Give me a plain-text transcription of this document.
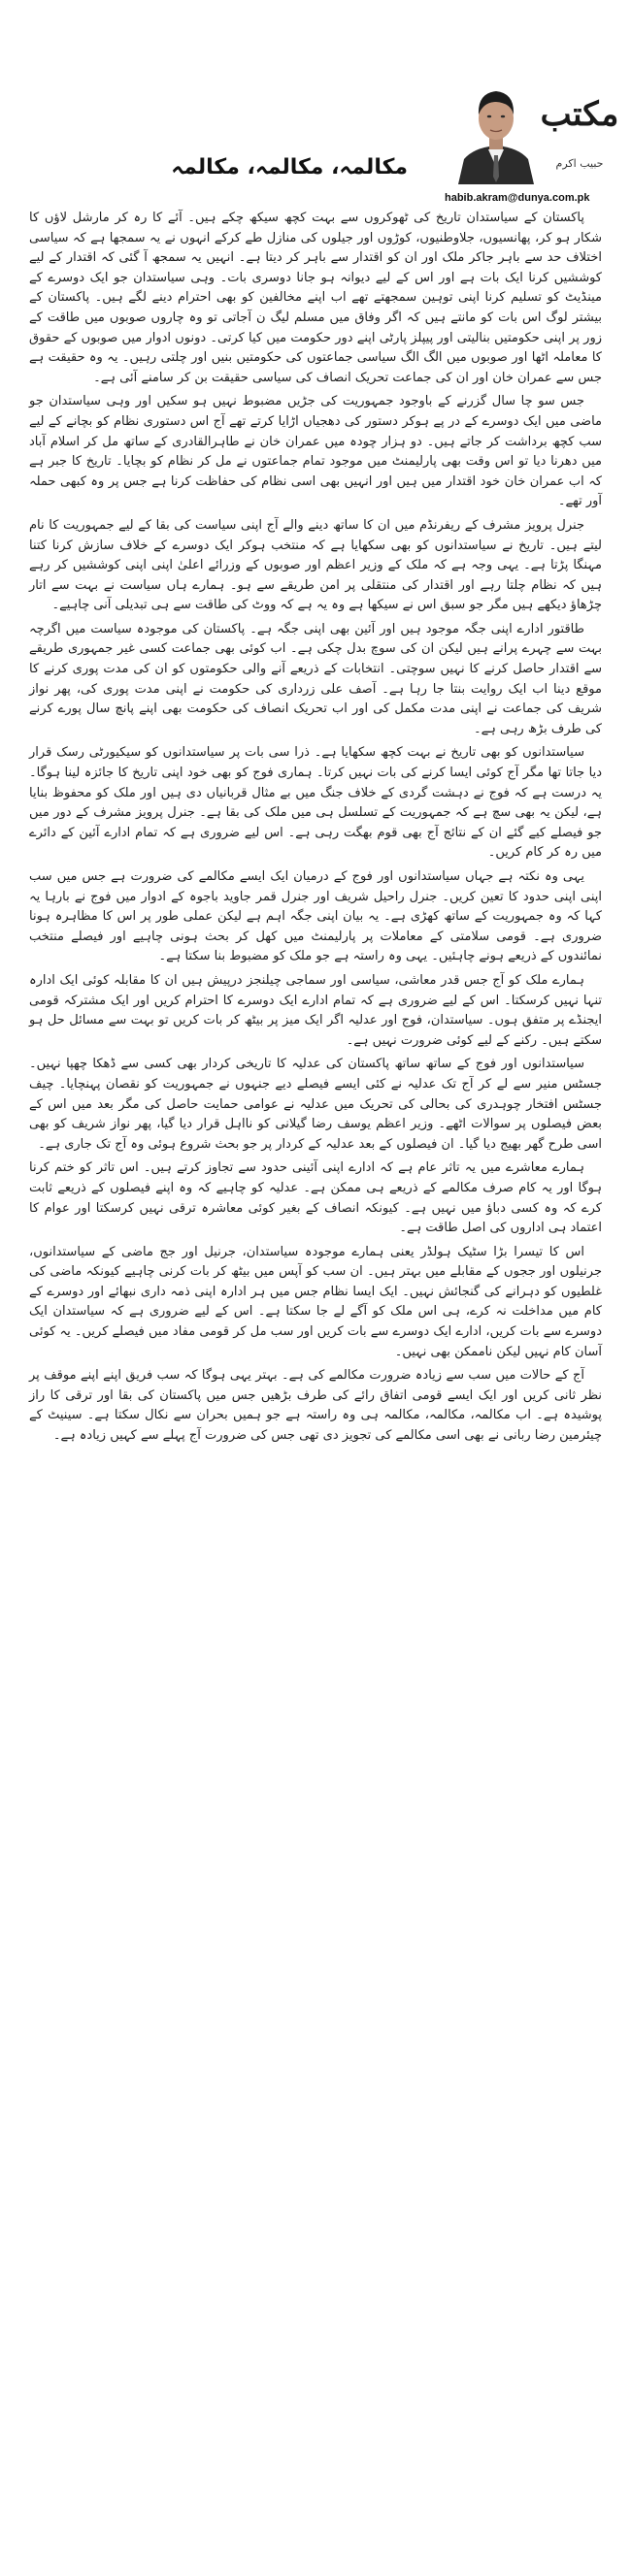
مکالمہ، مکالمہ، مکالمہ
مکتب
حبیب اکرم
habib.akram@dunya.com.pk

پاکستان کے سیاستدان تاریخ کی ٹھوکروں سے بہت کچھ سیکھ چکے ہیں۔ آئے کا رہ کر مارشل لاؤں کا شکار ہو کر، پھانسیوں، جلاوطنیوں، کوڑوں اور جیلوں کی منازل طے کرکے انہوں نے یہ سمجھا ہے کہ سیاسی اختلاف حد سے باہر جاکر ملک اور ان کو اقتدار سے باہر کر دیتا ہے۔ انہیں یہ سمجھ آ گئی کہ اقتدار کے لیے کوششیں کرنا ایک بات ہے اور اس کے لیے دیوانہ ہو جانا دوسری بات۔ وہی سیاستدان جو ایک دوسرے کے مینڈیٹ کو تسلیم کرنا اپنی توہین سمجھتے تھے اب اپنے مخالفین کو بھی احترام دینے لگے ہیں۔ پاکستان کے بیشتر لوگ اس بات کو مانتے ہیں کہ اگر وفاق میں مسلم لیگ ن آجاتی تو وہ چاروں صوبوں میں طاقت کے زور پر اپنی حکومتیں بنالیتی اور پیپلز پارٹی اپنے دور حکومت میں کیا کرتی۔ دونوں ادوار میں صوبوں کے حقوق کا معاملہ اٹھا اور صوبوں میں الگ الگ سیاسی جماعتوں کی حکومتیں بنیں اور چلتی رہیں۔ یہ وہ حقیقت ہے جس سے عمران خان اور ان کی جماعت تحریک انصاف کی سیاسی حقیقت بن کر سامنے آئی ہے۔

جس سو چا سال گزرنے کے باوجود جمہوریت کی جڑیں مضبوط نہیں ہو سکیں اور وہی سیاستدان جو ماضی میں ایک دوسرے کے در پے ہوکر دستور کی دھجیاں اڑایا کرتے تھے آج اس دستوری نظام کو بچانے کے لیے سب کچھ برداشت کر جاتے ہیں۔ دو ہزار چودہ میں عمران خان نے طاہرالقادری کے ساتھ مل کر اسلام آباد میں دھرنا دیا تو اس وقت بھی پارلیمنٹ میں موجود تمام جماعتوں نے مل کر نظام کو بچایا۔ تاریخ کا جبر ہے کہ اب عمران خان خود اقتدار میں ہیں اور انہیں بھی اسی نظام کی حفاظت کرنا ہے جس پر وہ کبھی حملہ آور تھے۔

جنرل پرویز مشرف کے ریفرنڈم میں ان کا ساتھ دینے والے آج اپنی سیاست کی بقا کے لیے جمہوریت کا نام لیتے ہیں۔ تاریخ نے سیاستدانوں کو بھی سکھایا ہے کہ منتخب ہوکر ایک دوسرے کے خلاف سازش کرنا کتنا مہنگا پڑتا ہے۔ یہی وجہ ہے کہ ملک کے وزیر اعظم اور صوبوں کے وزرائے اعلیٰ اپنی اپنی کوششیں کر رہے ہیں کہ نظام چلتا رہے اور اقتدار کی منتقلی پر امن طریقے سے ہو۔ ہمارے ہاں سیاست نے بہت سے اتار چڑھاؤ دیکھے ہیں مگر جو سبق اس نے سیکھا ہے وہ یہ ہے کہ ووٹ کی طاقت سے ہی تبدیلی آنی چاہیے۔

طاقتور ادارے اپنی جگہ موجود ہیں اور آئین بھی اپنی جگہ ہے۔ پاکستان کی موجودہ سیاست میں اگرچہ بہت سے چہرے پرانے ہیں لیکن ان کی سوچ بدل چکی ہے۔ اب کوئی بھی جماعت کسی غیر جمہوری طریقے سے اقتدار حاصل کرنے کا نہیں سوچتی۔ انتخابات کے ذریعے آنے والی حکومتوں کو ان کی مدت پوری کرنے کا موقع دینا اب ایک روایت بنتا جا رہا ہے۔ آصف علی زرداری کی حکومت نے اپنی مدت پوری کی، پھر نواز شریف کی جماعت نے اپنی مدت مکمل کی اور اب تحریک انصاف کی حکومت بھی اپنے پانچ سال پورے کرنے کی طرف بڑھ رہی ہے۔

سیاستدانوں کو بھی تاریخ نے بہت کچھ سکھایا ہے۔ ذرا سی بات پر سیاستدانوں کو سیکیورٹی رسک قرار دیا جاتا تھا مگر آج کوئی ایسا کرنے کی بات نہیں کرتا۔ ہماری فوج کو بھی خود اپنی تاریخ کا جائزہ لینا ہوگا۔ یہ درست ہے کہ فوج نے دہشت گردی کے خلاف جنگ میں بے مثال قربانیاں دی ہیں اور ملک کو محفوظ بنایا ہے، لیکن یہ بھی سچ ہے کہ جمہوریت کے تسلسل ہی میں ملک کی بقا ہے۔ جنرل پرویز مشرف کے دور میں جو فیصلے کیے گئے ان کے نتائج آج بھی قوم بھگت رہی ہے۔ اس لیے ضروری ہے کہ تمام ادارے آئین کے دائرے میں رہ کر کام کریں۔

یہی وہ نکتہ ہے جہاں سیاستدانوں اور فوج کے درمیان ایک ایسے مکالمے کی ضرورت ہے جس میں سب اپنی اپنی حدود کا تعین کریں۔ جنرل راحیل شریف اور جنرل قمر جاوید باجوہ کے ادوار میں فوج نے بارہا یہ کہا کہ وہ جمہوریت کے ساتھ کھڑی ہے۔ یہ بیان اپنی جگہ اہم ہے لیکن عملی طور پر اس کا مظاہرہ ہونا ضروری ہے۔ قومی سلامتی کے معاملات پر پارلیمنٹ میں کھل کر بحث ہونی چاہیے اور فیصلے منتخب نمائندوں کے ذریعے ہونے چاہئیں۔ یہی وہ راستہ ہے جو ملک کو مضبوط بنا سکتا ہے۔

ہمارے ملک کو آج جس قدر معاشی، سیاسی اور سماجی چیلنجز درپیش ہیں ان کا مقابلہ کوئی ایک ادارہ تنہا نہیں کرسکتا۔ اس کے لیے ضروری ہے کہ تمام ادارے ایک دوسرے کا احترام کریں اور ایک مشترکہ قومی ایجنڈے پر متفق ہوں۔ سیاستدان، فوج اور عدلیہ اگر ایک میز پر بیٹھ کر بات کریں تو بہت سے مسائل حل ہو سکتے ہیں۔ رکنے کے لیے کوئی ضرورت نہیں ہے۔

سیاستدانوں اور فوج کے ساتھ ساتھ پاکستان کی عدلیہ کا تاریخی کردار بھی کسی سے ڈھکا چھپا نہیں۔ جسٹس منیر سے لے کر آج تک عدلیہ نے کئی ایسے فیصلے دیے جنہوں نے جمہوریت کو نقصان پہنچایا۔ چیف جسٹس افتخار چوہدری کی بحالی کی تحریک میں عدلیہ نے عوامی حمایت حاصل کی مگر بعد میں اس کے بعض فیصلوں پر سوالات اٹھے۔ وزیر اعظم یوسف رضا گیلانی کو نااہل قرار دیا گیا، پھر نواز شریف کو بھی اسی طرح گھر بھیج دیا گیا۔ ان فیصلوں کے بعد عدلیہ کے کردار پر جو بحث شروع ہوئی وہ آج تک جاری ہے۔

ہمارے معاشرے میں یہ تاثر عام ہے کہ ادارے اپنی آئینی حدود سے تجاوز کرتے ہیں۔ اس تاثر کو ختم کرنا ہوگا اور یہ کام صرف مکالمے کے ذریعے ہی ممکن ہے۔ عدلیہ کو چاہیے کہ وہ اپنے فیصلوں کے ذریعے ثابت کرے کہ وہ کسی دباؤ میں نہیں ہے۔ کیونکہ انصاف کے بغیر کوئی معاشرہ ترقی نہیں کرسکتا اور عوام کا اعتماد ہی اداروں کی اصل طاقت ہے۔

اس کا تیسرا بڑا سٹیک ہولڈر یعنی ہمارے موجودہ سیاستدان، جرنیل اور جج ماضی کے سیاستدانوں، جرنیلوں اور ججوں کے مقابلے میں بہتر ہیں۔ ان سب کو آپس میں بیٹھ کر بات کرنی چاہیے کیونکہ ماضی کی غلطیوں کو دہرانے کی گنجائش نہیں۔ ایک ایسا نظام جس میں ہر ادارہ اپنی ذمہ داری نبھائے اور دوسرے کے کام میں مداخلت نہ کرے، ہی اس ملک کو آگے لے جا سکتا ہے۔ اس کے لیے ضروری ہے کہ سیاستدان ایک دوسرے سے بات کریں، ادارے ایک دوسرے سے بات کریں اور سب مل کر قومی مفاد میں فیصلے کریں۔ یہ کوئی آسان کام نہیں لیکن ناممکن بھی نہیں۔

آج کے حالات میں سب سے زیادہ ضرورت مکالمے کی ہے۔ بہتر یہی ہوگا کہ سب فریق اپنے اپنے موقف پر نظر ثانی کریں اور ایک ایسے قومی اتفاق رائے کی طرف بڑھیں جس میں پاکستان کی بقا اور ترقی کا راز پوشیدہ ہے۔ اب مکالمہ، مکالمہ، مکالمہ ہی وہ راستہ ہے جو ہمیں بحران سے نکال سکتا ہے۔ سینیٹ کے چیئرمین رضا ربانی نے بھی اسی مکالمے کی تجویز دی تھی جس کی ضرورت آج پہلے سے کہیں زیادہ ہے۔
